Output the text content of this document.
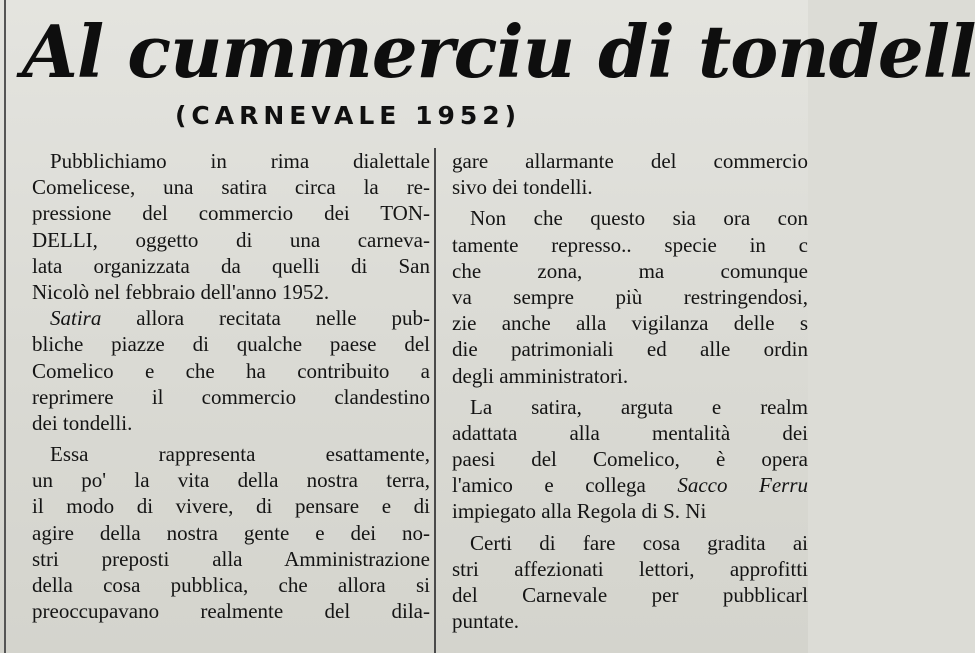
Al cummerciu di tondell
(CARNEVALE 1952)
Pubblichiamo in rima dialettale
Comelicese, una satira circa la re-
pressione del commercio dei TON-
DELLI, oggetto di una carneva-
lata organizzata da quelli di San
Nicolò nel febbraio dell'anno 1952.
Satira allora recitata nelle pub-
bliche piazze di qualche paese del
Comelico e che ha contribuito a
reprimere il commercio clandestino
dei tondelli.
Essa rappresenta esattamente,
un po' la vita della nostra terra,
il modo di vivere, di pensare e di
agire della nostra gente e dei no-
stri preposti alla Amministrazione
della cosa pubblica, che allora si
preoccupavano realmente del dila-
gare allarmante del commercio
sivo dei tondelli.
Non che questo sia ora con
tamente represso.. specie in c
che zona, ma comunque
va sempre più restringendosi,
zie anche alla vigilanza delle s
die patrimoniali ed alle ordin
degli amministratori.
La satira, arguta e realm
adattata alla mentalità dei
paesi del Comelico, è opera
l'amico e collega Sacco Ferru
impiegato alla Regola di S. Ni
Certi di fare cosa gradita ai
stri affezionati lettori, approfitti
del Carnevale per pubblicarl
puntate.
